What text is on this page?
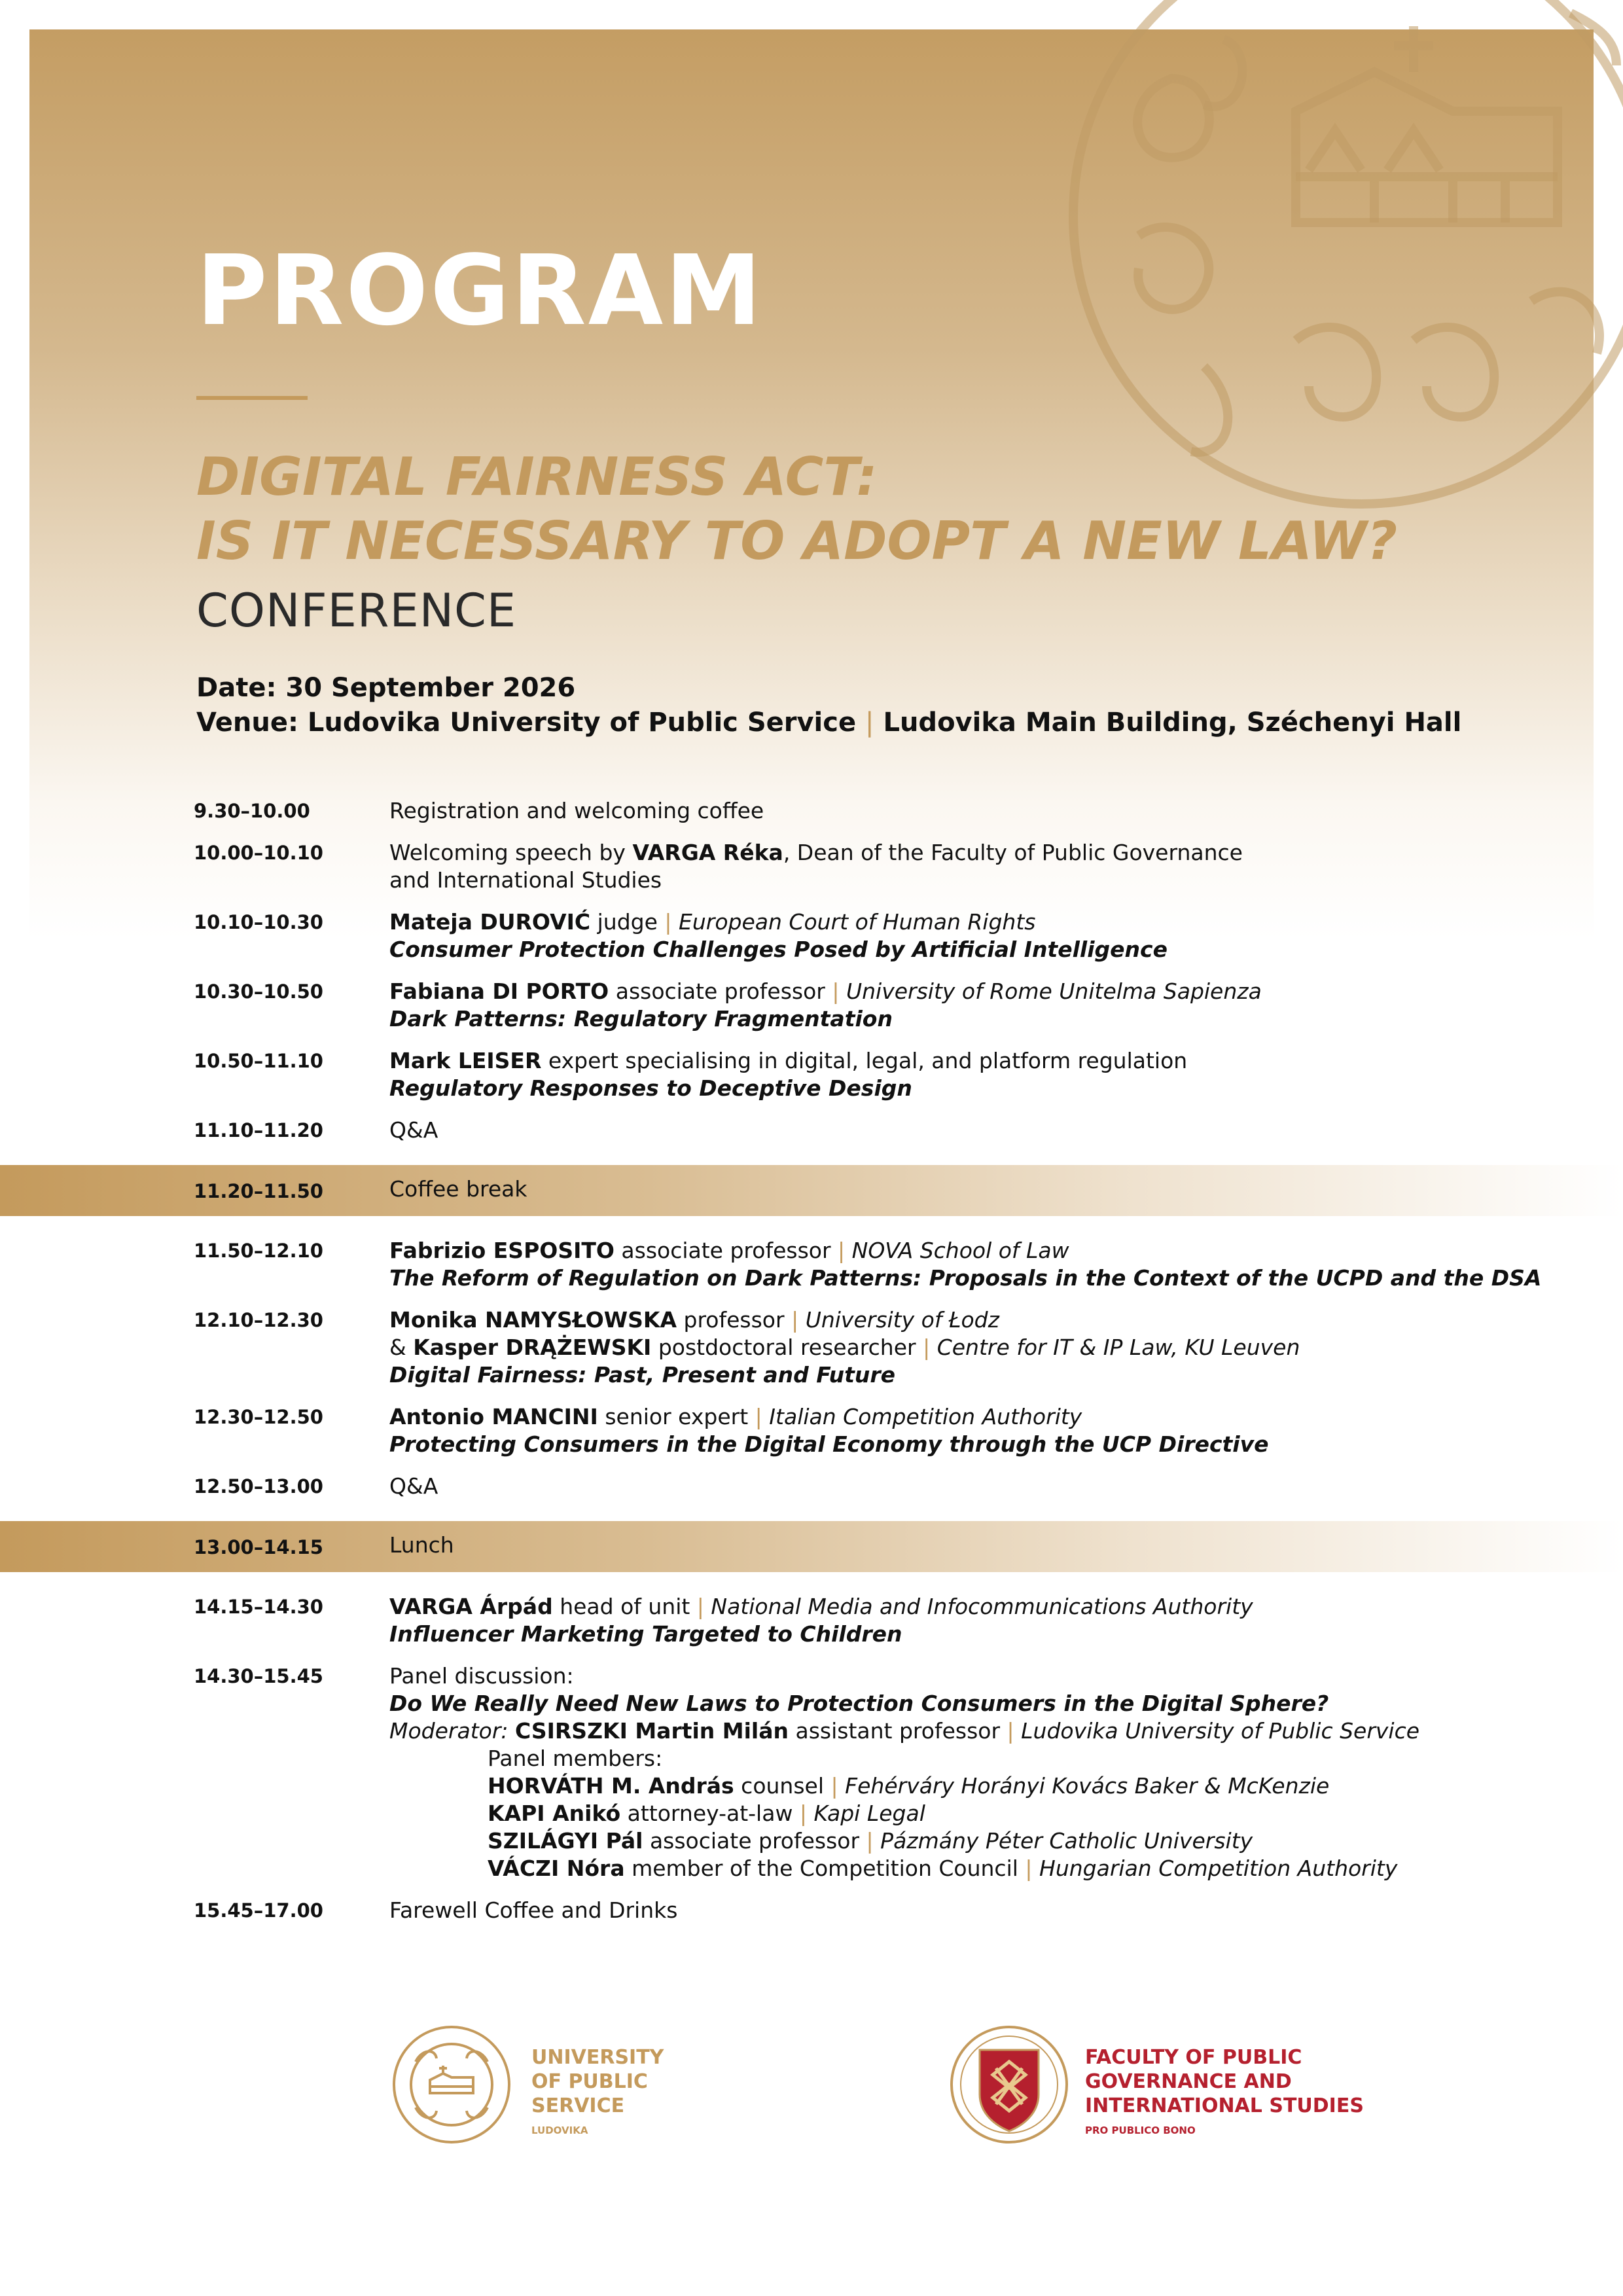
PROGRAM
DIGITAL FAIRNESS ACT:
IS IT NECESSARY TO ADOPT A NEW LAW?
CONFERENCE
Date: 30 September 2026
Venue: Ludovika University of Public Service | Ludovika Main Building, Széchenyi Hall
9.30–10.00	Registration and welcoming coffee
10.00–10.10	Welcoming speech by VARGA Réka, Dean of the Faculty of Public Governance
and International Studies
10.10–10.30	Mateja DUROVIĆ judge | European Court of Human Rights
Consumer Protection Challenges Posed by Artificial Intelligence
10.30–10.50	Fabiana DI PORTO associate professor | University of Rome Unitelma Sapienza
Dark Patterns: Regulatory Fragmentation
10.50–11.10	Mark LEISER expert specialising in digital, legal, and platform regulation
Regulatory Responses to Deceptive Design
11.10–11.20	Q&A
11.20–11.50	Coffee break
11.50–12.10	Fabrizio ESPOSITO associate professor | NOVA School of Law
The Reform of Regulation on Dark Patterns: Proposals in the Context of the UCPD and the DSA
12.10–12.30	Monika NAMYSŁOWSKA professor | University of Łodz
& Kasper DRĄŻEWSKI postdoctoral researcher | Centre for IT & IP Law, KU Leuven
Digital Fairness: Past, Present and Future
12.30–12.50	Antonio MANCINI senior expert | Italian Competition Authority
Protecting Consumers in the Digital Economy through the UCP Directive
12.50–13.00	Q&A
13.00–14.15	Lunch
14.15–14.30	VARGA Árpád head of unit | National Media and Infocommunications Authority
Influencer Marketing Targeted to Children
14.30–15.45	Panel discussion:
Do We Really Need New Laws to Protection Consumers in the Digital Sphere?
Moderator: CSIRSZKI Martin Milán assistant professor | Ludovika University of Public Service
Panel members:
HORVÁTH M. András counsel | Fehérváry Horányi Kovács Baker & McKenzie
KAPI Anikó attorney-at-law | Kapi Legal
SZILÁGYI Pál associate professor | Pázmány Péter Catholic University
VÁCZI Nóra member of the Competition Council | Hungarian Competition Authority
15.45–17.00	Farewell Coffee and Drinks
UNIVERSITY
OF PUBLIC
SERVICE
LUDOVIKA
FACULTY OF PUBLIC
GOVERNANCE AND
INTERNATIONAL STUDIES
PRO PUBLICO BONO
